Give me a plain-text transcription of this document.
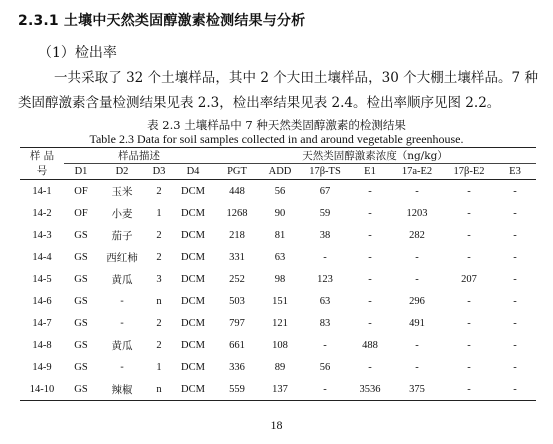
2.3.1 土壤中天然类固醇激素检测结果与分析
（1）检出率
一共采取了 32 个土壤样品，其中 2 个大田土壤样品，30 个大棚土壤样品。7 种类固醇激素含量检测结果见表 2.3，检出率结果见表 2.4。检出率顺序见图 2.2。
表 2.3 土壤样品中 7 种天然类固醇激素的检测结果
Table 2.3 Data for soil samples collected in and around vegetable greenhouse.
样 品 号	样品描述				天然类固醇激素浓度（ng/kg）						
	D1	D2	D3	D4	PGT	ADD	17β-TS	E1	17a-E2	17β-E2	E3
14-1	OF	玉米	2	DCM	448	56	67	-	-	-	-
14-2	OF	小麦	1	DCM	1268	90	59	-	1203	-	-
14-3	GS	茄子	2	DCM	218	81	38	-	282	-	-
14-4	GS	西红柿	2	DCM	331	63	-	-	-	-	-
14-5	GS	黄瓜	3	DCM	252	98	123	-	-	207	-
14-6	GS	-	n	DCM	503	151	63	-	296	-	-
14-7	GS	-	2	DCM	797	121	83	-	491	-	-
14-8	GS	黄瓜	2	DCM	661	108	-	488	-	-	-
14-9	GS	-	1	DCM	336	89	56	-	-	-	-
14-10	GS	辣椒	n	DCM	559	137	-	3536	375	-	-
18
